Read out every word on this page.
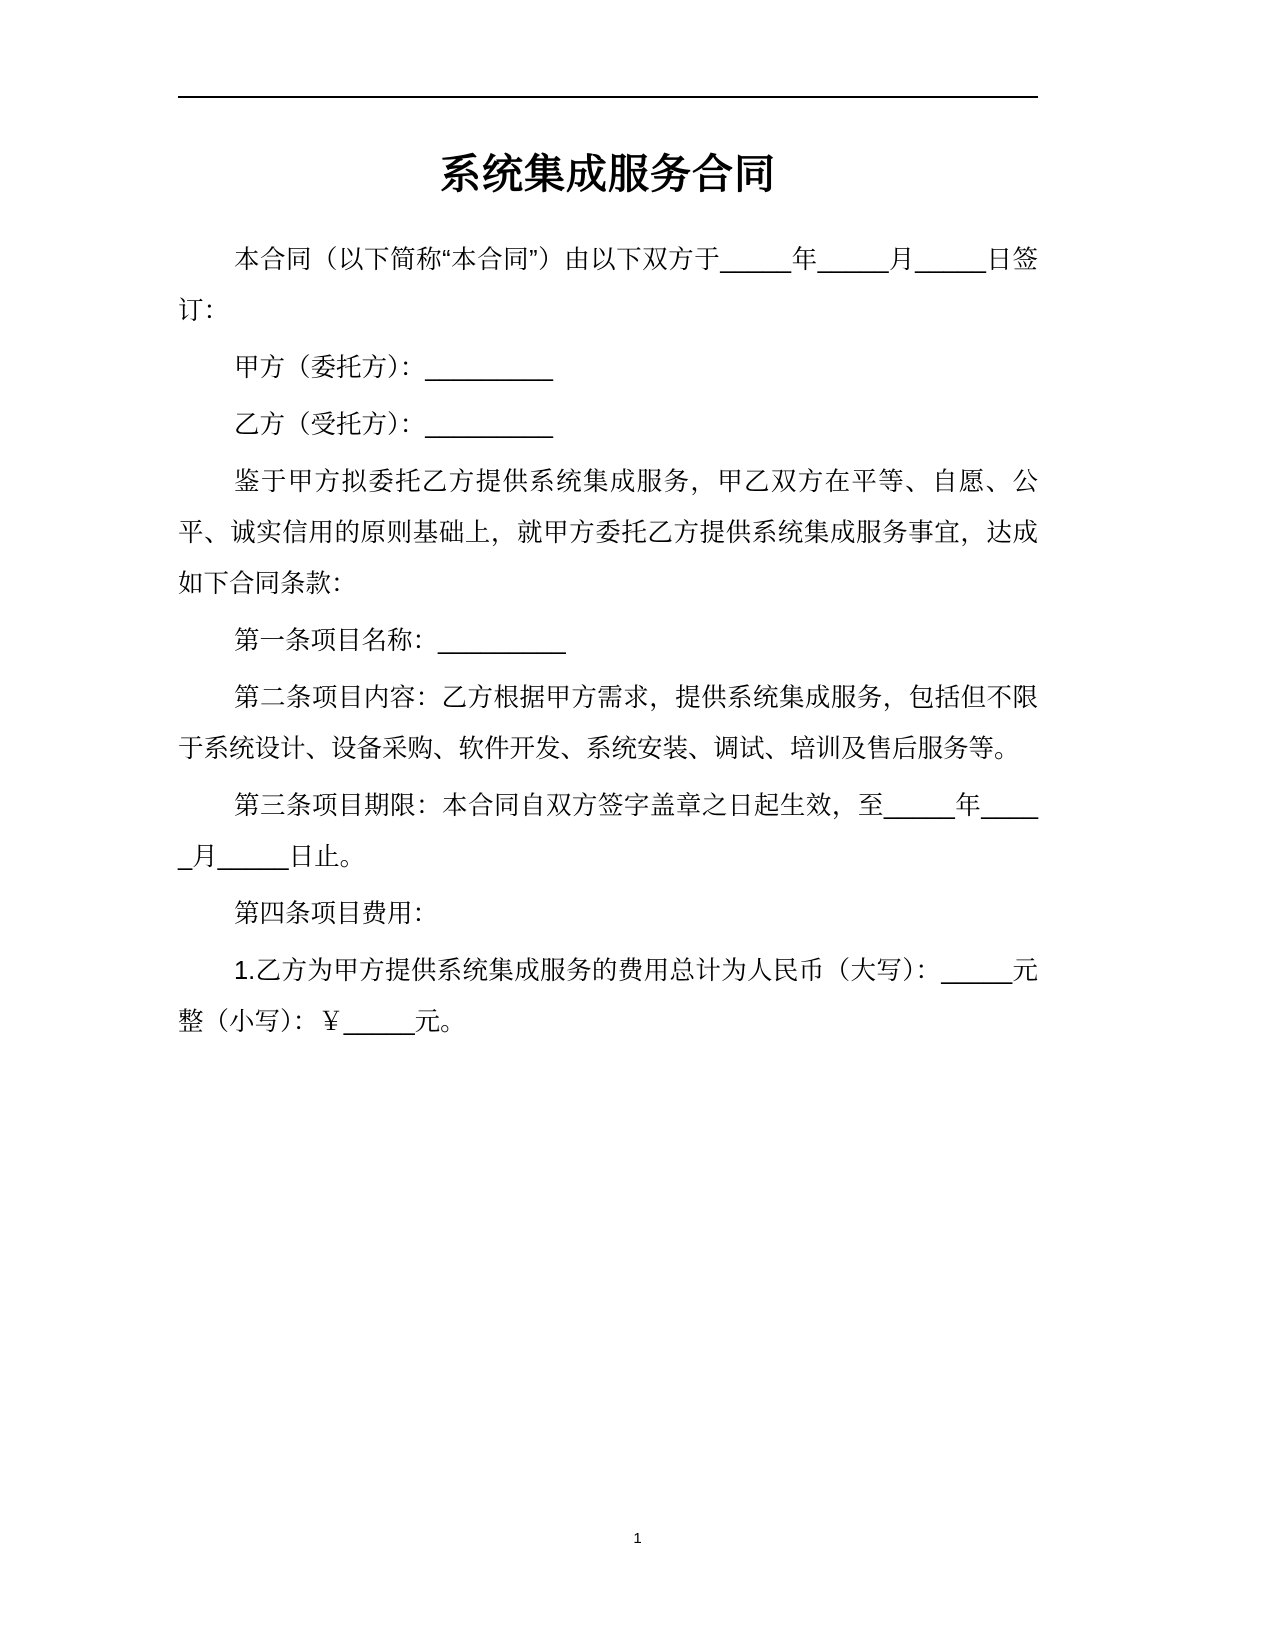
系统集成服务合同

本合同（以下简称“本合同”）由以下双方于_____年_____月_____日签订：

甲方（委托方）：_________

乙方（受托方）：_________

鉴于甲方拟委托乙方提供系统集成服务，甲乙双方在平等、自愿、公平、诚实信用的原则基础上，就甲方委托乙方提供系统集成服务事宜，达成如下合同条款：

第一条项目名称：_________

第二条项目内容：乙方根据甲方需求，提供系统集成服务，包括但不限于系统设计、设备采购、软件开发、系统安装、调试、培训及售后服务等。

第三条项目期限：本合同自双方签字盖章之日起生效，至_____年_____月_____日止。

第四条项目费用：

1.乙方为甲方提供系统集成服务的费用总计为人民币（大写）：_____元整（小写）：￥_____元。

1
